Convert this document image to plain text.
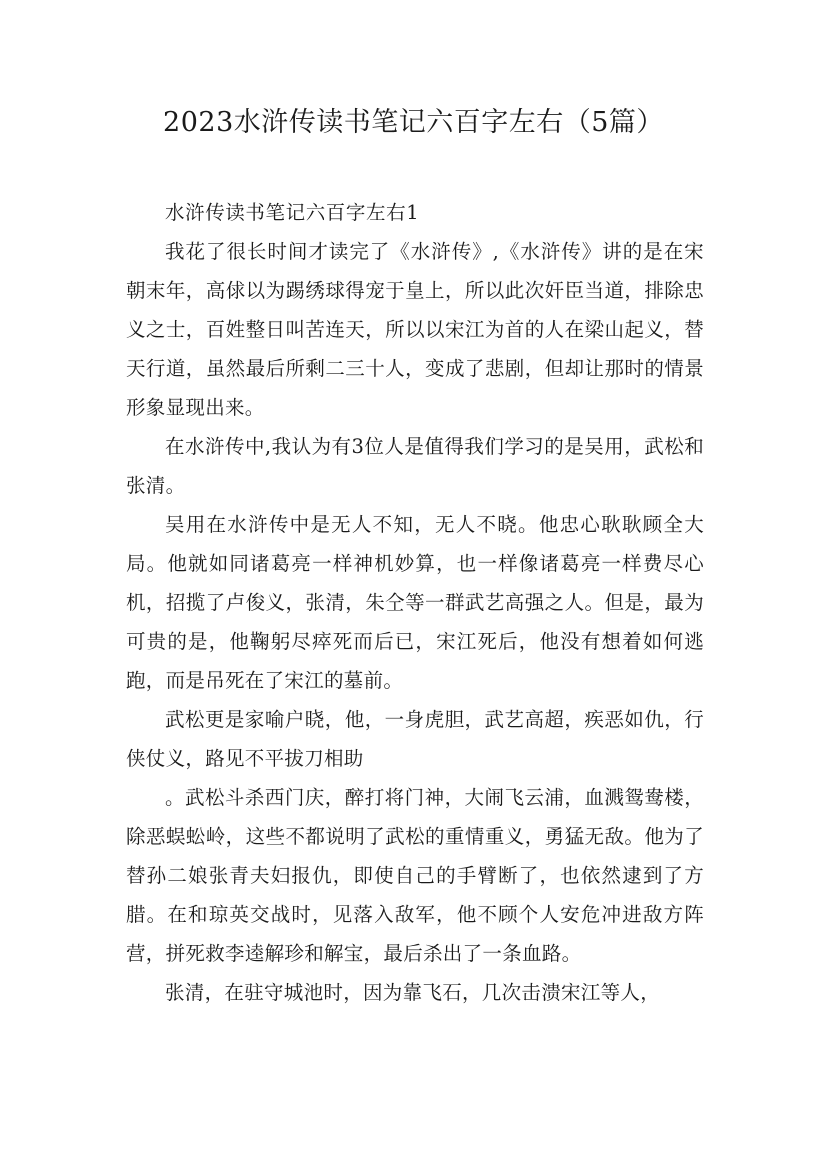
2023水浒传读书笔记六百字左右（5篇）

水浒传读书笔记六百字左右1

我花了很长时间才读完了《水浒传》,《水浒传》讲的是在宋朝末年，高俅以为踢绣球得宠于皇上，所以此次奸臣当道，排除忠义之士，百姓整日叫苦连天，所以以宋江为首的人在梁山起义，替天行道，虽然最后所剩二三十人，变成了悲剧，但却让那时的情景形象显现出来。

在水浒传中,我认为有3位人是值得我们学习的是吴用，武松和张清。

吴用在水浒传中是无人不知，无人不晓。他忠心耿耿顾全大局。他就如同诸葛亮一样神机妙算，也一样像诸葛亮一样费尽心机，招揽了卢俊义，张清，朱仝等一群武艺高强之人。但是，最为可贵的是，他鞠躬尽瘁死而后已，宋江死后，他没有想着如何逃跑，而是吊死在了宋江的墓前。

武松更是家喻户晓，他，一身虎胆，武艺高超，疾恶如仇，行侠仗义，路见不平拔刀相助

。武松斗杀西门庆，醉打将门神，大闹飞云浦，血溅鸳鸯楼，除恶蜈蚣岭，这些不都说明了武松的重情重义，勇猛无敌。他为了替孙二娘张青夫妇报仇，即使自己的手臂断了，也依然逮到了方腊。在和琼英交战时，见落入敌军，他不顾个人安危冲进敌方阵营，拼死救李逵解珍和解宝，最后杀出了一条血路。

张清，在驻守城池时，因为靠飞石，几次击溃宋江等人，
